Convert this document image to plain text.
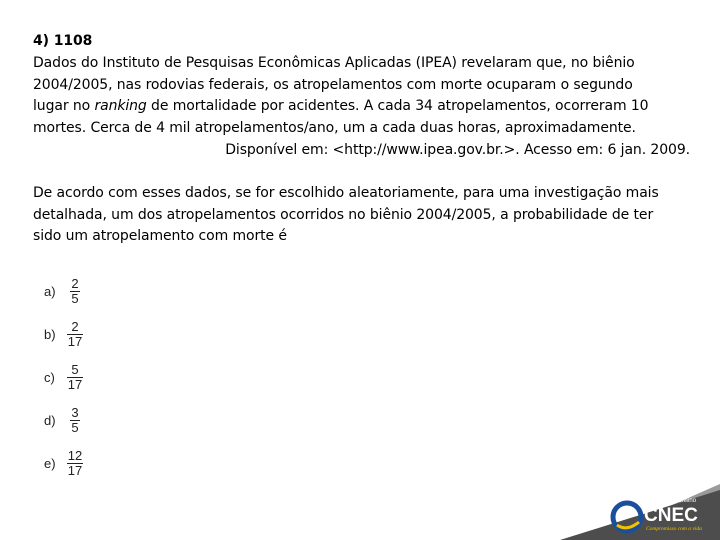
4) 1108
Dados do Instituto de Pesquisas Econômicas Aplicadas (IPEA) revelaram que, no biênio
2004/2005, nas rodovias federais, os atropelamentos com morte ocuparam o segundo
lugar no ranking de mortalidade por acidentes. A cada 34 atropelamentos, ocorreram 10
mortes. Cerca de 4 mil atropelamentos/ano, um a cada duas horas, aproximadamente.
Disponível em: <http://www.ipea.gov.br.>. Acesso em: 6 jan. 2009.
De acordo com esses dados, se for escolhido aleatoriamente, para uma investigação mais
detalhada, um dos atropelamentos ocorridos no biênio 2004/2005, a probabilidade de ter
sido um atropelamento com morte é
$a) \frac{2}{5}$
$b) \frac{2}{17}$
$c) \frac{5}{17}$
$d) \frac{3}{5}$
$e) \frac{12}{17}$
Sistema de Ensino
CNEC
Compromisso com a vida
